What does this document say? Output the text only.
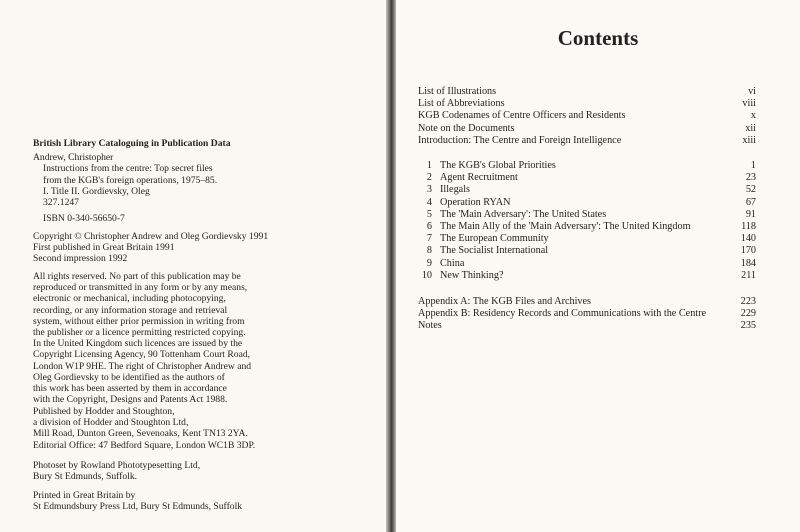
British Library Cataloguing in Publication Data
Andrew, Christopher
Instructions from the centre: Top secret files
from the KGB's foreign operations, 1975–85.
I. Title II. Gordievsky, Oleg
327.1247
ISBN 0-340-56650-7
Copyright © Christopher Andrew and Oleg Gordievsky 1991
First published in Great Britain 1991
Second impression 1992
All rights reserved. No part of this publication may be
reproduced or transmitted in any form or by any means,
electronic or mechanical, including photocopying,
recording, or any information storage and retrieval
system, without either prior permission in writing from
the publisher or a licence permitting restricted copying.
In the United Kingdom such licences are issued by the
Copyright Licensing Agency, 90 Tottenham Court Road,
London W1P 9HE. The right of Christopher Andrew and
Oleg Gordievsky to be identified as the authors of
this work has been asserted by them in accordance
with the Copyright, Designs and Patents Act 1988.
Published by Hodder and Stoughton,
a division of Hodder and Stoughton Ltd,
Mill Road, Dunton Green, Sevenoaks, Kent TN13 2YA.
Editorial Office: 47 Bedford Square, London WC1B 3DP.
Photoset by Rowland Phototypesetting Ltd,
Bury St Edmunds, Suffolk.
Printed in Great Britain by
St Edmundsbury Press Ltd, Bury St Edmunds, Suffolk
Contents
List of Illustrations	vi
List of Abbreviations	viii
KGB Codenames of Centre Officers and Residents	x
Note on the Documents	xii
Introduction: The Centre and Foreign Intelligence	xiii
1 The KGB's Global Priorities	1
2 Agent Recruitment	23
3 Illegals	52
4 Operation RYAN	67
5 The 'Main Adversary': The United States	91
6 The Main Ally of the 'Main Adversary': The United Kingdom	118
7 The European Community	140
8 The Socialist International	170
9 China	184
10 New Thinking?	211
Appendix A: The KGB Files and Archives	223
Appendix B: Residency Records and Communications with the Centre	229
Notes	235
